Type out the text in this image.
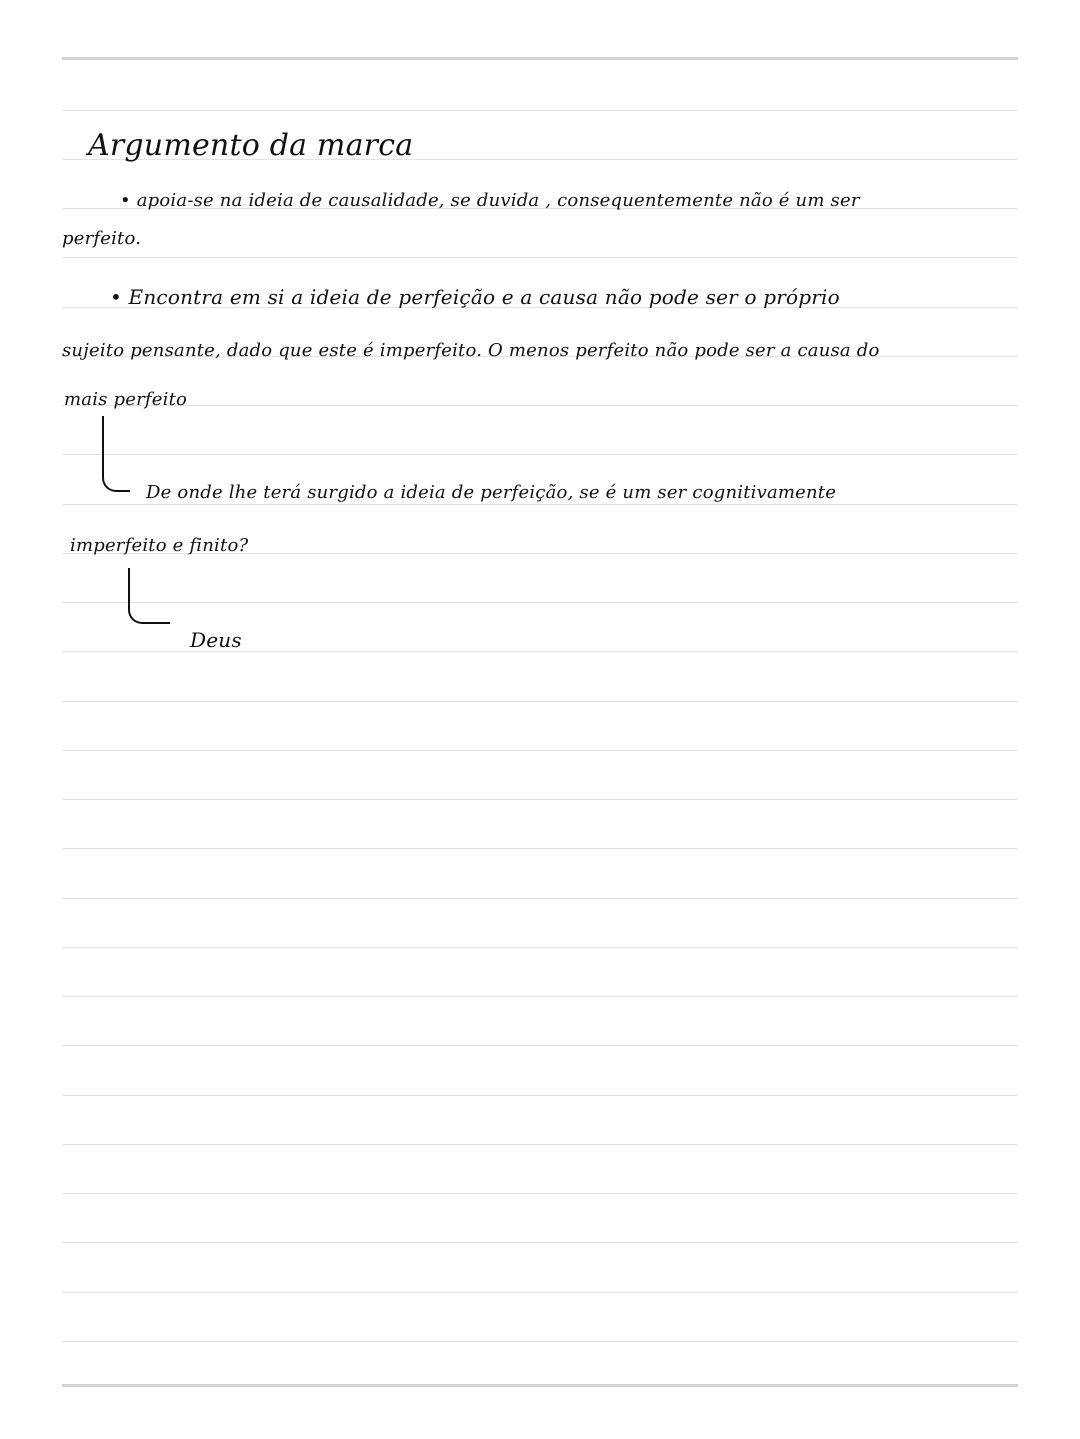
Argumento da marca
• apoia-se na ideia de causalidade, se duvida , consequentemente não é um ser
perfeito.
• Encontra em si a ideia de perfeição e a causa não pode ser o próprio
sujeito pensante, dado que este é imperfeito. O menos perfeito não pode ser a causa do
mais perfeito
De onde lhe terá surgido a ideia de perfeição, se é um ser cognitivamente
imperfeito e finito?
Deus
